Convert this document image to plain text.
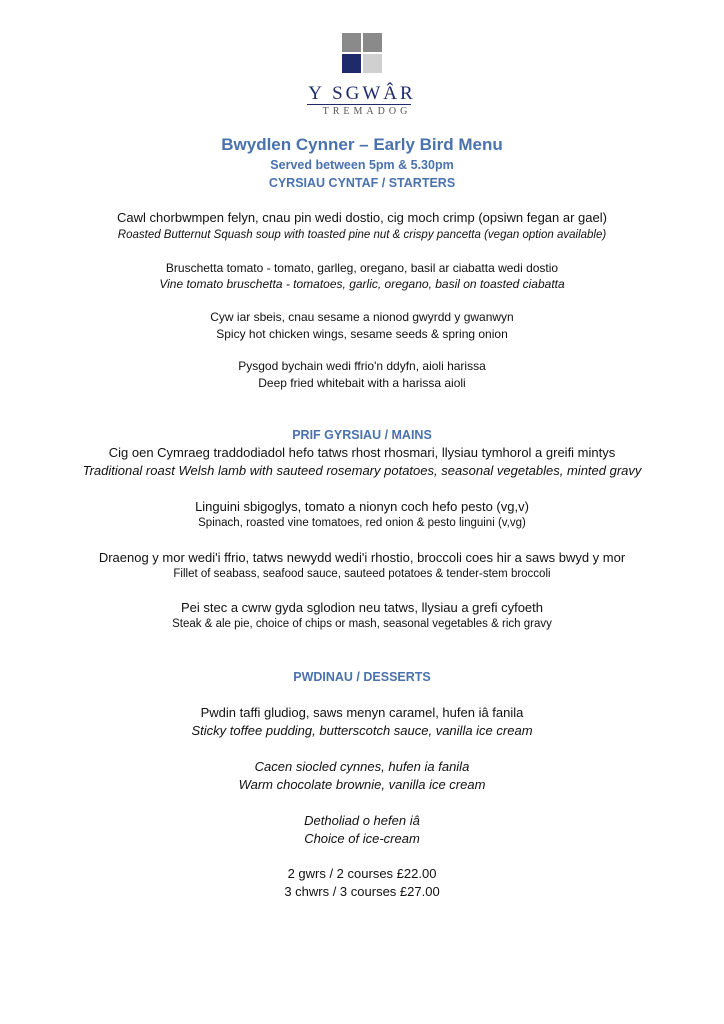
Y SGWÂR
TREMADOG
Bwydlen Cynner – Early Bird Menu
Served between 5pm & 5.30pm
CYRSIAU CYNTAF / STARTERS
Cawl chorbwmpen felyn, cnau pin wedi dostio, cig moch crimp (opsiwn fegan ar gael)
Roasted Butternut Squash soup with toasted pine nut & crispy pancetta (vegan option available)
Bruschetta tomato - tomato, garlleg, oregano, basil ar ciabatta wedi dostio
Vine tomato bruschetta - tomatoes, garlic, oregano, basil on toasted ciabatta
Cyw iar sbeis, cnau sesame a nionod gwyrdd y gwanwyn
Spicy hot chicken wings, sesame seeds & spring onion
Pysgod bychain wedi ffrio'n ddyfn, aioli harissa
Deep fried whitebait with a harissa aioli
PRIF GYRSIAU / MAINS
Cig oen Cymraeg traddodiadol hefo tatws rhost rhosmari, llysiau tymhorol a greifi mintys
Traditional roast Welsh lamb with sauteed rosemary potatoes, seasonal vegetables, minted gravy
Linguini sbigoglys, tomato a nionyn coch hefo pesto (vg,v)
Spinach, roasted vine tomatoes, red onion & pesto linguini (v,vg)
Draenog y mor wedi'i ffrio, tatws newydd wedi'i rhostio, broccoli coes hir a saws bwyd y mor
Fillet of seabass, seafood sauce, sauteed potatoes & tender-stem broccoli
Pei stec a cwrw gyda sglodion neu tatws, llysiau a grefi cyfoeth
Steak & ale pie, choice of chips or mash, seasonal vegetables & rich gravy
PWDINAU / DESSERTS
Pwdin taffi gludiog, saws menyn caramel, hufen iâ fanila
Sticky toffee pudding, butterscotch sauce, vanilla ice cream
Cacen siocled cynnes, hufen ia fanila
Warm chocolate brownie, vanilla ice cream
Detholiad o hefen iâ
Choice of ice-cream
2 gwrs / 2 courses £22.00
3 chwrs / 3 courses £27.00
